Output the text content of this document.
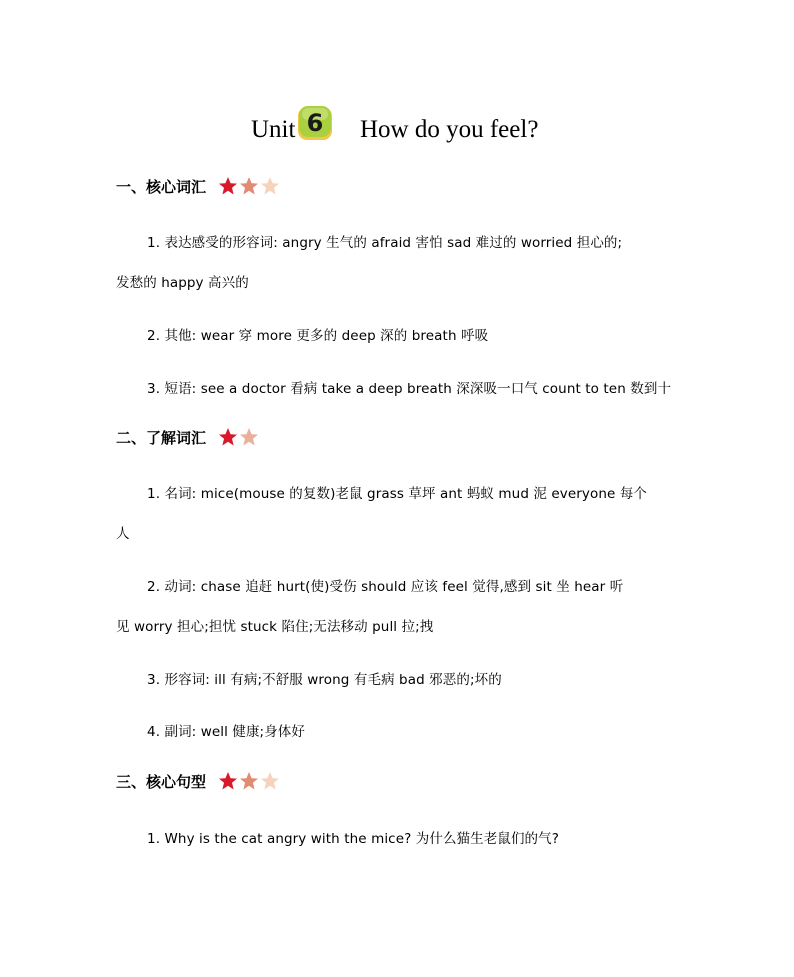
Unit 6 How do you feel?
一、核心词汇
1. 表达感受的形容词: angry 生气的 afraid 害怕 sad 难过的 worried 担心的;
发愁的 happy 高兴的
2. 其他: wear 穿 more 更多的 deep 深的 breath 呼吸
3. 短语: see a doctor 看病 take a deep breath 深深吸一口气 count to ten 数到十
二、了解词汇
1. 名词: mice(mouse 的复数)老鼠 grass 草坪 ant 蚂蚁 mud 泥 everyone 每个
人
2. 动词: chase 追赶 hurt(使)受伤 should 应该 feel 觉得,感到 sit 坐 hear 听
见 worry 担心;担忧 stuck 陷住;无法移动 pull 拉;拽
3. 形容词: ill 有病;不舒服 wrong 有毛病 bad 邪恶的;坏的
4. 副词: well 健康;身体好
三、核心句型
1. Why is the cat angry with the mice? 为什么猫生老鼠们的气?
